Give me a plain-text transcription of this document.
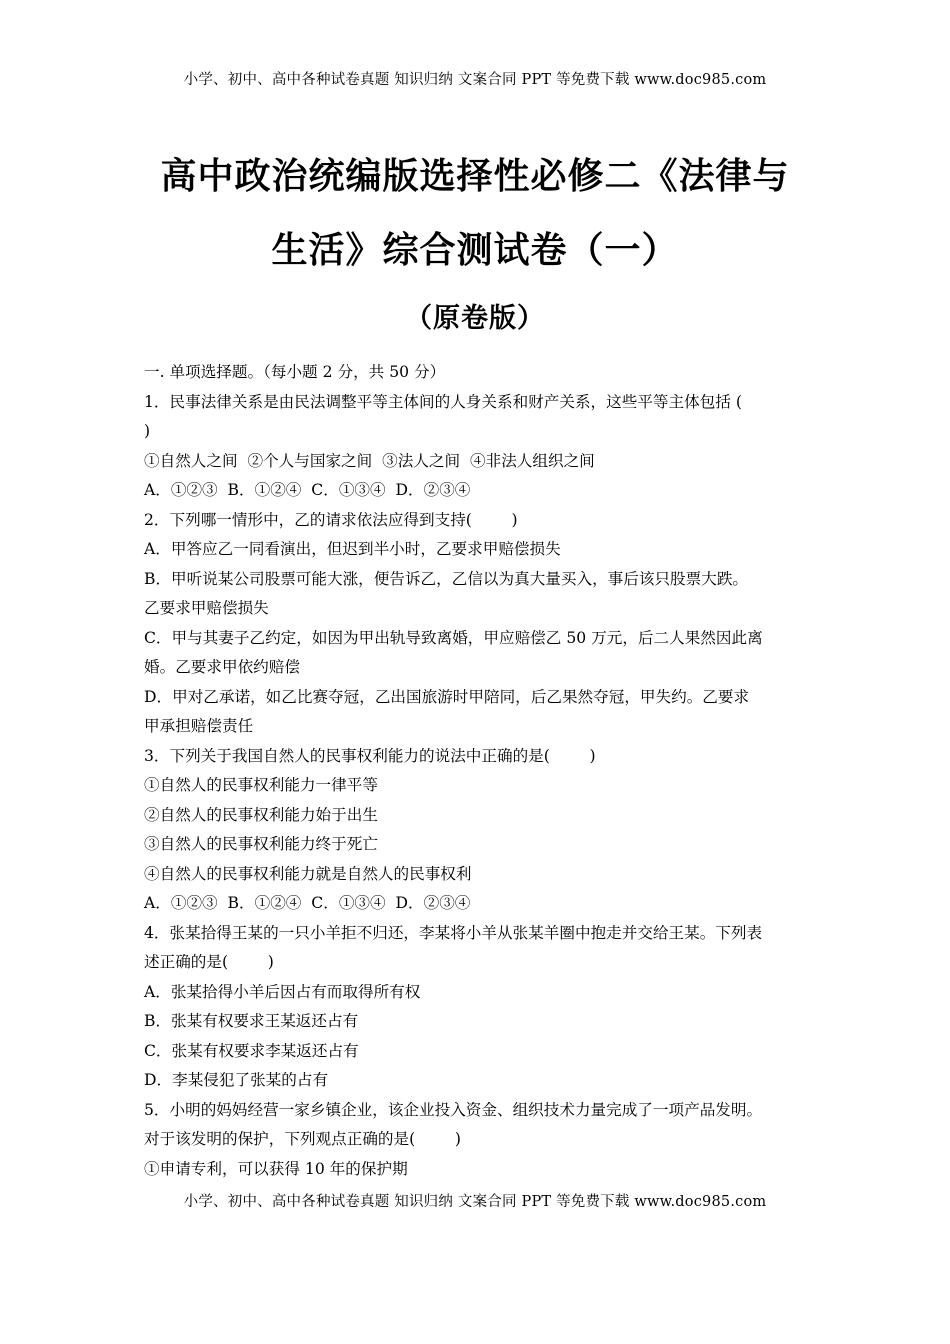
小学、初中、高中各种试卷真题 知识归纳 文案合同 PPT 等免费下载 www.doc985.com
高中政治统编版选择性必修二《法律与
生活》综合测试卷（一）
（原卷版）
一. 单项选择题。（每小题 2 分，共 50 分）
1．民事法律关系是由民法调整平等主体间的人身关系和财产关系，这些平等主体包括 (
)
①自然人之间  ②个人与国家之间  ③法人之间  ④非法人组织之间
A．①②③  B．①②④  C．①③④  D．②③④
2．下列哪一情形中，乙的请求依法应得到支持(        )
A．甲答应乙一同看演出，但迟到半小时，乙要求甲赔偿损失
B．甲听说某公司股票可能大涨，便告诉乙，乙信以为真大量买入，事后该只股票大跌。
乙要求甲赔偿损失
C．甲与其妻子乙约定，如因为甲出轨导致离婚，甲应赔偿乙 50 万元，后二人果然因此离
婚。乙要求甲依约赔偿
D．甲对乙承诺，如乙比赛夺冠，乙出国旅游时甲陪同，后乙果然夺冠，甲失约。乙要求
甲承担赔偿责任
3．下列关于我国自然人的民事权利能力的说法中正确的是(        )
①自然人的民事权利能力一律平等
②自然人的民事权利能力始于出生
③自然人的民事权利能力终于死亡
④自然人的民事权利能力就是自然人的民事权利
A．①②③  B．①②④  C．①③④  D．②③④
4．张某拾得王某的一只小羊拒不归还，李某将小羊从张某羊圈中抱走并交给王某。下列表
述正确的是(        )
A．张某拾得小羊后因占有而取得所有权
B．张某有权要求王某返还占有
C．张某有权要求李某返还占有
D．李某侵犯了张某的占有
5．小明的妈妈经营一家乡镇企业，该企业投入资金、组织技术力量完成了一项产品发明。
对于该发明的保护，下列观点正确的是(        )
①申请专利，可以获得 10 年的保护期
小学、初中、高中各种试卷真题 知识归纳 文案合同 PPT 等免费下载 www.doc985.com
